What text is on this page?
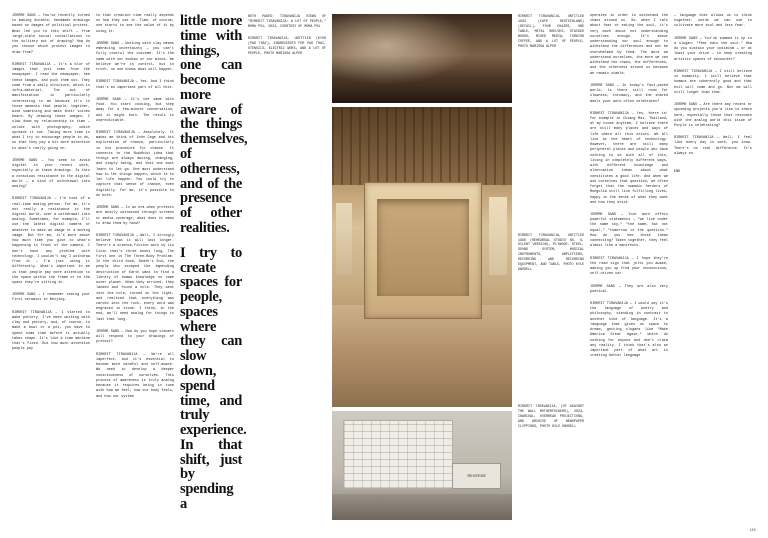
JÉRÔME SANS — You've recently turned to making durable, handmade drawings based on images of political protest. What led you to this shift — from large-scale social installations to the solitary act of drawing? How do you choose which protest images to draw from?

RIRKRIT TIRAVANIJA — It's a blur of images that just come from the newspaper. I read the newspaper, see these images, and pick them out. They come from a daily structure, which is infra-material. The act of manifestation is particularly interesting to me because it's in those moments that people, together, wise something and make their voices heard. By drawing these images, I slow down my relationship to time — unlike with photography, which spreads it out. Taking more time is what I try to encourage people to do, so that they pay a bit more attention to what's really going on.

JÉRÔME SANS — You seem to avoid digital in your recent work, especially in these drawings. Is this a conscious resistance to the digital world — a kind of withdrawal into analog?

RIRKRIT TIRAVANIJA — I'm kind of a real-time analog person. For me, it's not really a resistance to the digital world, over a withdrawal into analog. Sometimes, for example, I'll use the latest digital camera or whatever to make an image or a moving image. But for me, it's more about how much time you give to what's happening in front of the camera. I don't have any problem with technology. I wouldn't say I withdraw from it — I'm just using it differently. What's important to me is that people pay more attention to the space within the frame or to the space they're sitting in.

JÉRÔME SANS — I remember seeing your first ceramics in Beijing.

RIRKRIT TIRAVANIJA — I started to make pottery. I've been working with clay and pottery, and, of course, to make a bowl or a pot, you have to spend some time before it actually takes shape. It's like a time machine that's fixed. But how much attention people pay

to that creation time really depends on how they use it. Time, of course, one starts to see the value of it by using it.

JÉRÔME SANS — Working with clay means embracing uncertainty — you can't fully control the outcome. It's the same with our bodies or our minds. We believe we're in control, but in truth, no one knows what will happen.

RIRKRIT TIRAVANIJA — Yes. And I think that's an important part of all this.

JÉRÔME SANS — It's the same with food. You start cooking, but step away for a few-minute conversation, and it might burn. The result is unpredictable.

RIRKRIT TIRAVANIJA — Absolutely. It makes me think of John Cage and his exploration of chance, particularly in his procedure for chance. It connects to the Buddhist idea that things are always moving, changing, and simply being, and that one must learn to let go. One must understand how to let things happen, which is to let life happen. You could try to capture that sense of chance, even digitally. For me, it's possible to do both.

JÉRÔME SANS — In an era when protests are mostly witnessed through screens or media coverage, what does it mean to draw them by hand?

RIRKRIT TIRAVANIJA — Well, I strongly believe that it will last longer. There's a science-fiction work by Liu Cixin that's three books long, The first one is The Three-Body Problem. In the third book, Death's End, the people who escaped the impending destruction of Earth want to find a library of human knowledge on some outer planet. When they arrived, they landed and found a hole. They went into the hole, turned on the light, and realized that everything was carved into the rock, every word was engraved in stone. I think, in the end, we'll need analog for things to last that long.

JÉRÔME SANS — How do you hope viewers will respond to your drawings of protest?

RIRKRIT TIRAVANIJA — We're all imperfect, and it's essential to become more mindful and self-aware. We need to develop a deeper consciousness of ourselves. This process of awareness is truly analog because it requires being in tune with how we feel, how our body feels, and how our system

little more time with things, one can become more aware of the things themselves, of otherness, and of the presence of other realities.
I try to create spaces for people, spaces where they can slow down, spend time, and truly experience. In that shift, just by spending a

BOTH PAGES: TIRAVANIJA VIEWS OF "RIRKRIT TIRAVANIJA: A LOT OF PEOPLE," MOMA PS1, 2024, COURTESY OF MOMA PS1

RIRKRIT TIRAVANIJA, UNTITLED (KYOD (PAD THAI), INGREDIENTS FOR PAD THAI, UTENSILS, ELECTRIC WOKS, AND A LOT OF PEOPLE, PHOTO MARISSA ALPER

REVERSE

RIRKRIT TIRAVANIJA, UNTITLED 1993 (CAFÉ DEUTSCHLAND) (DETAIL), FOUR CHAIRS, ONE TABLE, METAL SHELVES, STACKED BOOKS, MIXED MEDIA, TURKISH COFFEE, AND A LOT OF PEOPLE, PHOTO MARISSA ALPER

RIRKRIT TIRAVANIJA, UNTITLED 1996 (REHEARSAL STUDIO NO. 6, SILENT VERSION), PLYWOOD, STEEL, SOUND SYSTEM, MUSICAL INSTRUMENTS, AMPLIFIERS, RECORDING AND RECORDING EQUIPMENT, AND TABLE, PHOTO KYLE KNODELL

RIRKRIT TIRAVANIJA, (OF AGAINST THE WALL MOTHERFUCKERS), 2023, CHARCOAL, OVERHEAD PROJECTIONS, AND ARCHIVE OF NEWSPAPER CLIPPINGS, PHOTO KYLE KNODELL

operates in order to withstand the chaos around us. So, when I talk about fear or eating the soul, it's very much about not understanding ourselves enough. It's about understanding our soul enough to withstand the differences and not be overwhelmed by them. The more we understand ourselves, the more we can withstand the chaos, the differences, and the otherness around us because we remain stable.

JÉRÔME SANS — In today's fast-paced world, is there still room for slowness, intimacy, and the shared meals your work often celebrates?

RIRKRIT TIRAVANIJA — Yes, there is! For example in Chiang Mai, Thailand, at my house anytime, I believe there are still many places and ways of life where all this exists. We all live at the heart of technology. However, there are still many peripheral places and people who have nothing to do with all of this, living in completely different ways, with different knowledge and alternative ideas about what constitutes a good life. And when we ask ourselves that question, we often forget that the nomadic herders of Mongolia still live fulfilling lives, happy in the sense of what they want and how they exist.

JÉRÔME SANS — Your work offers powerful statements — "we live under the same sky," "the same, but not equal," "tomorrow is the question." How do you see those ideas connecting? Taken together, they feel almost like a manifesto.

RIRKRIT TIRAVANIJA — I hope they're the road sign that jolts you awake, waking you up from your unconscious, self-driven car.

JÉRÔME SANS — They are also very poetical.

RIRKRIT TIRAVANIJA — I would say it's the language of poetry and philosophy, standing in contrast to another kind of language. It's a language that gives us space to dream, getting slogans like "Make America Great Again," which do nothing for anyone and don't claim any reality. I think that's also an important part of what art is creating better language

— language that allows us to think together, words we can use to cultivate more soul and less fear.

JÉRÔME SANS — You've summed it up in a slogan: "Fear eats the soul." How do you sustain your optimism — or at least your drive — to keep creating artistic spaces of encounter?

RIRKRIT TIRAVANIJA — I still believe in humanity. I still believe that humans are inherently good and that evil will come and go. But we will still longer than that.

JÉRÔME SANS — Are there any recent or upcoming projects you'd like to share here, especially those that resonate with the analog world this issue of Purple is celebrating?

RIRKRIT TIRAVANIJA — Well, I feel like every day is work, you know. There's no real difference. It's always on.

END
285
